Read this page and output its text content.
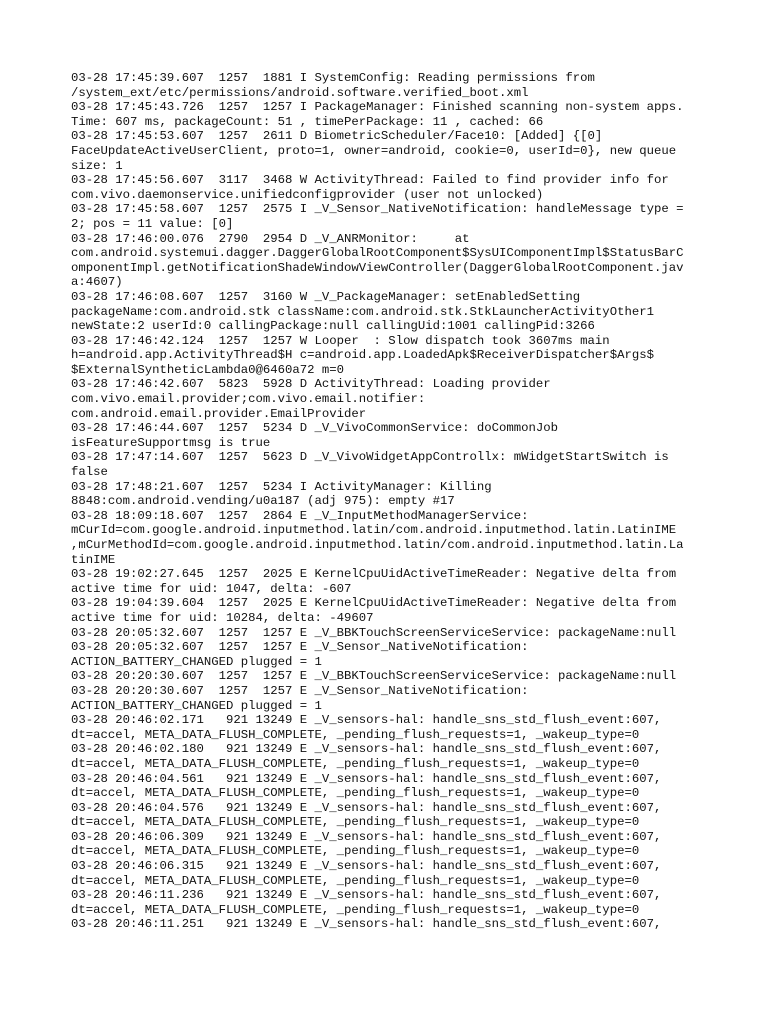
03-28 17:45:39.607  1257  1881 I SystemConfig: Reading permissions from

/system_ext/etc/permissions/android.software.verified_boot.xml

03-28 17:45:43.726  1257  1257 I PackageManager: Finished scanning non-system apps.

Time: 607 ms, packageCount: 51 , timePerPackage: 11 , cached: 66

03-28 17:45:53.607  1257  2611 D BiometricScheduler/Face10: [Added] {[0]

FaceUpdateActiveUserClient, proto=1, owner=android, cookie=0, userId=0}, new queue

size: 1

03-28 17:45:56.607  3117  3468 W ActivityThread: Failed to find provider info for

com.vivo.daemonservice.unifiedconfigprovider (user not unlocked)

03-28 17:45:58.607  1257  2575 I _V_Sensor_NativeNotification: handleMessage type =

2; pos = 11 value: [0]

03-28 17:46:00.076  2790  2954 D _V_ANRMonitor:     at

com.android.systemui.dagger.DaggerGlobalRootComponent$SysUIComponentImpl$StatusBarC

omponentImpl.getNotificationShadeWindowViewController(DaggerGlobalRootComponent.jav

a:4607)

03-28 17:46:08.607  1257  3160 W _V_PackageManager: setEnabledSetting

packageName:com.android.stk className:com.android.stk.StkLauncherActivityOther1

newState:2 userId:0 callingPackage:null callingUid:1001 callingPid:3266

03-28 17:46:42.124  1257  1257 W Looper  : Slow dispatch took 3607ms main

h=android.app.ActivityThread$H c=android.app.LoadedApk$ReceiverDispatcher$Args$

$ExternalSyntheticLambda0@6460a72 m=0

03-28 17:46:42.607  5823  5928 D ActivityThread: Loading provider

com.vivo.email.provider;com.vivo.email.notifier:

com.android.email.provider.EmailProvider

03-28 17:46:44.607  1257  5234 D _V_VivoCommonService: doCommonJob

isFeatureSupportmsg is true

03-28 17:47:14.607  1257  5623 D _V_VivoWidgetAppControllx: mWidgetStartSwitch is

false

03-28 17:48:21.607  1257  5234 I ActivityManager: Killing

8848:com.android.vending/u0a187 (adj 975): empty #17

03-28 18:09:18.607  1257  2864 E _V_InputMethodManagerService:

mCurId=com.google.android.inputmethod.latin/com.android.inputmethod.latin.LatinIME

,mCurMethodId=com.google.android.inputmethod.latin/com.android.inputmethod.latin.La

tinIME

03-28 19:02:27.645  1257  2025 E KernelCpuUidActiveTimeReader: Negative delta from

active time for uid: 1047, delta: -607

03-28 19:04:39.604  1257  2025 E KernelCpuUidActiveTimeReader: Negative delta from

active time for uid: 10284, delta: -49607

03-28 20:05:32.607  1257  1257 E _V_BBKTouchScreenServiceService: packageName:null

03-28 20:05:32.607  1257  1257 E _V_Sensor_NativeNotification:

ACTION_BATTERY_CHANGED plugged = 1

03-28 20:20:30.607  1257  1257 E _V_BBKTouchScreenServiceService: packageName:null

03-28 20:20:30.607  1257  1257 E _V_Sensor_NativeNotification:

ACTION_BATTERY_CHANGED plugged = 1

03-28 20:46:02.171   921 13249 E _V_sensors-hal: handle_sns_std_flush_event:607,

dt=accel, META_DATA_FLUSH_COMPLETE, _pending_flush_requests=1, _wakeup_type=0

03-28 20:46:02.180   921 13249 E _V_sensors-hal: handle_sns_std_flush_event:607,

dt=accel, META_DATA_FLUSH_COMPLETE, _pending_flush_requests=1, _wakeup_type=0

03-28 20:46:04.561   921 13249 E _V_sensors-hal: handle_sns_std_flush_event:607,

dt=accel, META_DATA_FLUSH_COMPLETE, _pending_flush_requests=1, _wakeup_type=0

03-28 20:46:04.576   921 13249 E _V_sensors-hal: handle_sns_std_flush_event:607,

dt=accel, META_DATA_FLUSH_COMPLETE, _pending_flush_requests=1, _wakeup_type=0

03-28 20:46:06.309   921 13249 E _V_sensors-hal: handle_sns_std_flush_event:607,

dt=accel, META_DATA_FLUSH_COMPLETE, _pending_flush_requests=1, _wakeup_type=0

03-28 20:46:06.315   921 13249 E _V_sensors-hal: handle_sns_std_flush_event:607,

dt=accel, META_DATA_FLUSH_COMPLETE, _pending_flush_requests=1, _wakeup_type=0

03-28 20:46:11.236   921 13249 E _V_sensors-hal: handle_sns_std_flush_event:607,

dt=accel, META_DATA_FLUSH_COMPLETE, _pending_flush_requests=1, _wakeup_type=0

03-28 20:46:11.251   921 13249 E _V_sensors-hal: handle_sns_std_flush_event:607,
